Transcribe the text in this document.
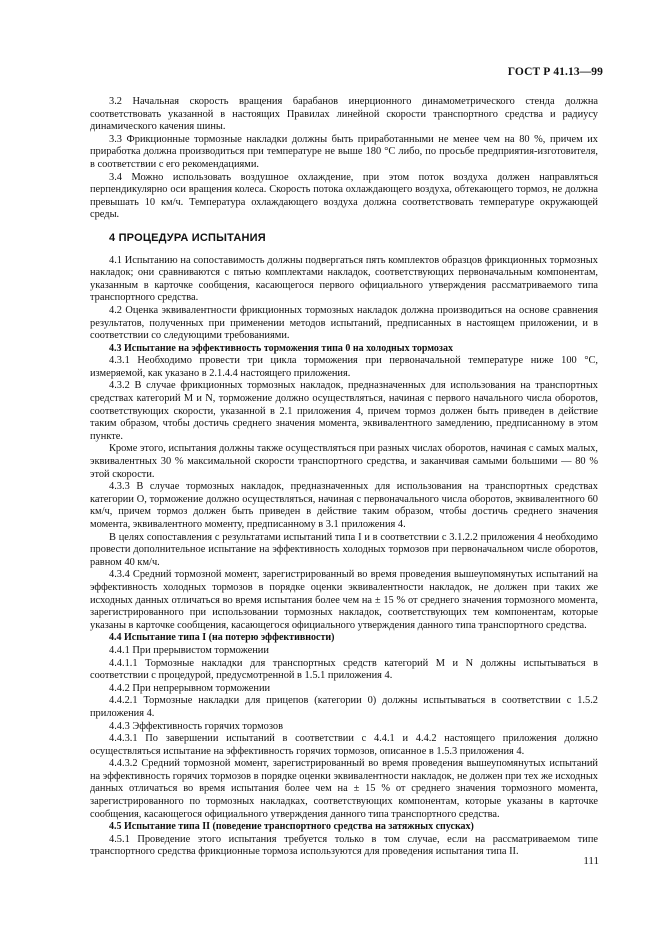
ГОСТ Р 41.13—99

3.2 Начальная скорость вращения барабанов инерционного динамометрического стенда должна соответствовать указанной в настоящих Правилах линейной скорости транспортного средства и радиусу динамического качения шины.

3.3 Фрикционные тормозные накладки должны быть приработанными не менее чем на 80 %, причем их приработка должна производиться при температуре не выше 180 °С либо, по просьбе предприятия-изготовителя, в соответствии с его рекомендациями.

3.4 Можно использовать воздушное охлаждение, при этом поток воздуха должен направляться перпендикулярно оси вращения колеса. Скорость потока охлаждающего воздуха, обтекающего тормоз, не должна превышать 10 км/ч. Температура охлаждающего воздуха должна соответствовать температуре окружающей среды.

4 ПРОЦЕДУРА ИСПЫТАНИЯ

4.1 Испытанию на сопоставимость должны подвергаться пять комплектов образцов фрикционных тормозных накладок; они сравниваются с пятью комплектами накладок, соответствующих первоначальным компонентам, указанным в карточке сообщения, касающегося первого официального утверждения рассматриваемого типа транспортного средства.

4.2 Оценка эквивалентности фрикционных тормозных накладок должна производиться на основе сравнения результатов, полученных при применении методов испытаний, предписанных в настоящем приложении, и в соответствии со следующими требованиями.

4.3 Испытание на эффективность торможения типа 0 на холодных тормозах

4.3.1 Необходимо провести три цикла торможения при первоначальной температуре ниже 100 °С, измеряемой, как указано в 2.1.4.4 настоящего приложения.

4.3.2 В случае фрикционных тормозных накладок, предназначенных для использования на транспортных средствах категорий M и N, торможение должно осуществляться, начиная с первого начального числа оборотов, соответствующих скорости, указанной в 2.1 приложения 4, причем тормоз должен быть приведен в действие таким образом, чтобы достичь среднего значения момента, эквивалентного замедлению, предписанному в этом пункте.

Кроме этого, испытания должны также осуществляться при разных числах оборотов, начиная с самых малых, эквивалентных 30 % максимальной скорости транспортного средства, и заканчивая самыми большими — 80 % этой скорости.

4.3.3 В случае тормозных накладок, предназначенных для использования на транспортных средствах категории О, торможение должно осуществляться, начиная с первоначального числа оборотов, эквивалентного 60 км/ч, причем тормоз должен быть приведен в действие таким образом, чтобы достичь среднего значения момента, эквивалентного моменту, предписанному в 3.1 приложения 4.

В целях сопоставления с результатами испытаний типа I и в соответствии с 3.1.2.2 приложения 4 необходимо провести дополнительное испытание на эффективность холодных тормозов при первоначальном числе оборотов, равном 40 км/ч.

4.3.4 Средний тормозной момент, зарегистрированный во время проведения вышеупомянутых испытаний на эффективность холодных тормозов в порядке оценки эквивалентности накладок, не должен при таких же исходных данных отличаться во время испытания более чем на ± 15 % от среднего значения тормозного момента, зарегистрированного при использовании тормозных накладок, соответствующих тем компонентам, которые указаны в карточке сообщения, касающегося официального утверждения данного типа транспортного средства.

4.4 Испытание типа I (на потерю эффективности)

4.4.1 При прерывистом торможении

4.4.1.1 Тормозные накладки для транспортных средств категорий M и N должны испытываться в соответствии с процедурой, предусмотренной в 1.5.1 приложения 4.

4.4.2 При непрерывном торможении

4.4.2.1 Тормозные накладки для прицепов (категории 0) должны испытываться в соответствии с 1.5.2 приложения 4.

4.4.3 Эффективность горячих тормозов

4.4.3.1 По завершении испытаний в соответствии с 4.4.1 и 4.4.2 настоящего приложения должно осуществляться испытание на эффективность горячих тормозов, описанное в 1.5.3 приложения 4.

4.4.3.2 Средний тормозной момент, зарегистрированный во время проведения вышеупомянутых испытаний на эффективность горячих тормозов в порядке оценки эквивалентности накладок, не должен при тех же исходных данных отличаться во время испытания более чем на ± 15 % от среднего значения тормозного момента, зарегистрированного по тормозных накладках, соответствующих компонентам, которые указаны в карточке сообщения, касающегося официального утверждения данного типа транспортного средства.

4.5 Испытание типа II (поведение транспортного средства на затяжных спусках)

4.5.1 Проведение этого испытания требуется только в том случае, если на рассматриваемом типе транспортного средства фрикционные тормоза используются для проведения испытания типа II.

111
